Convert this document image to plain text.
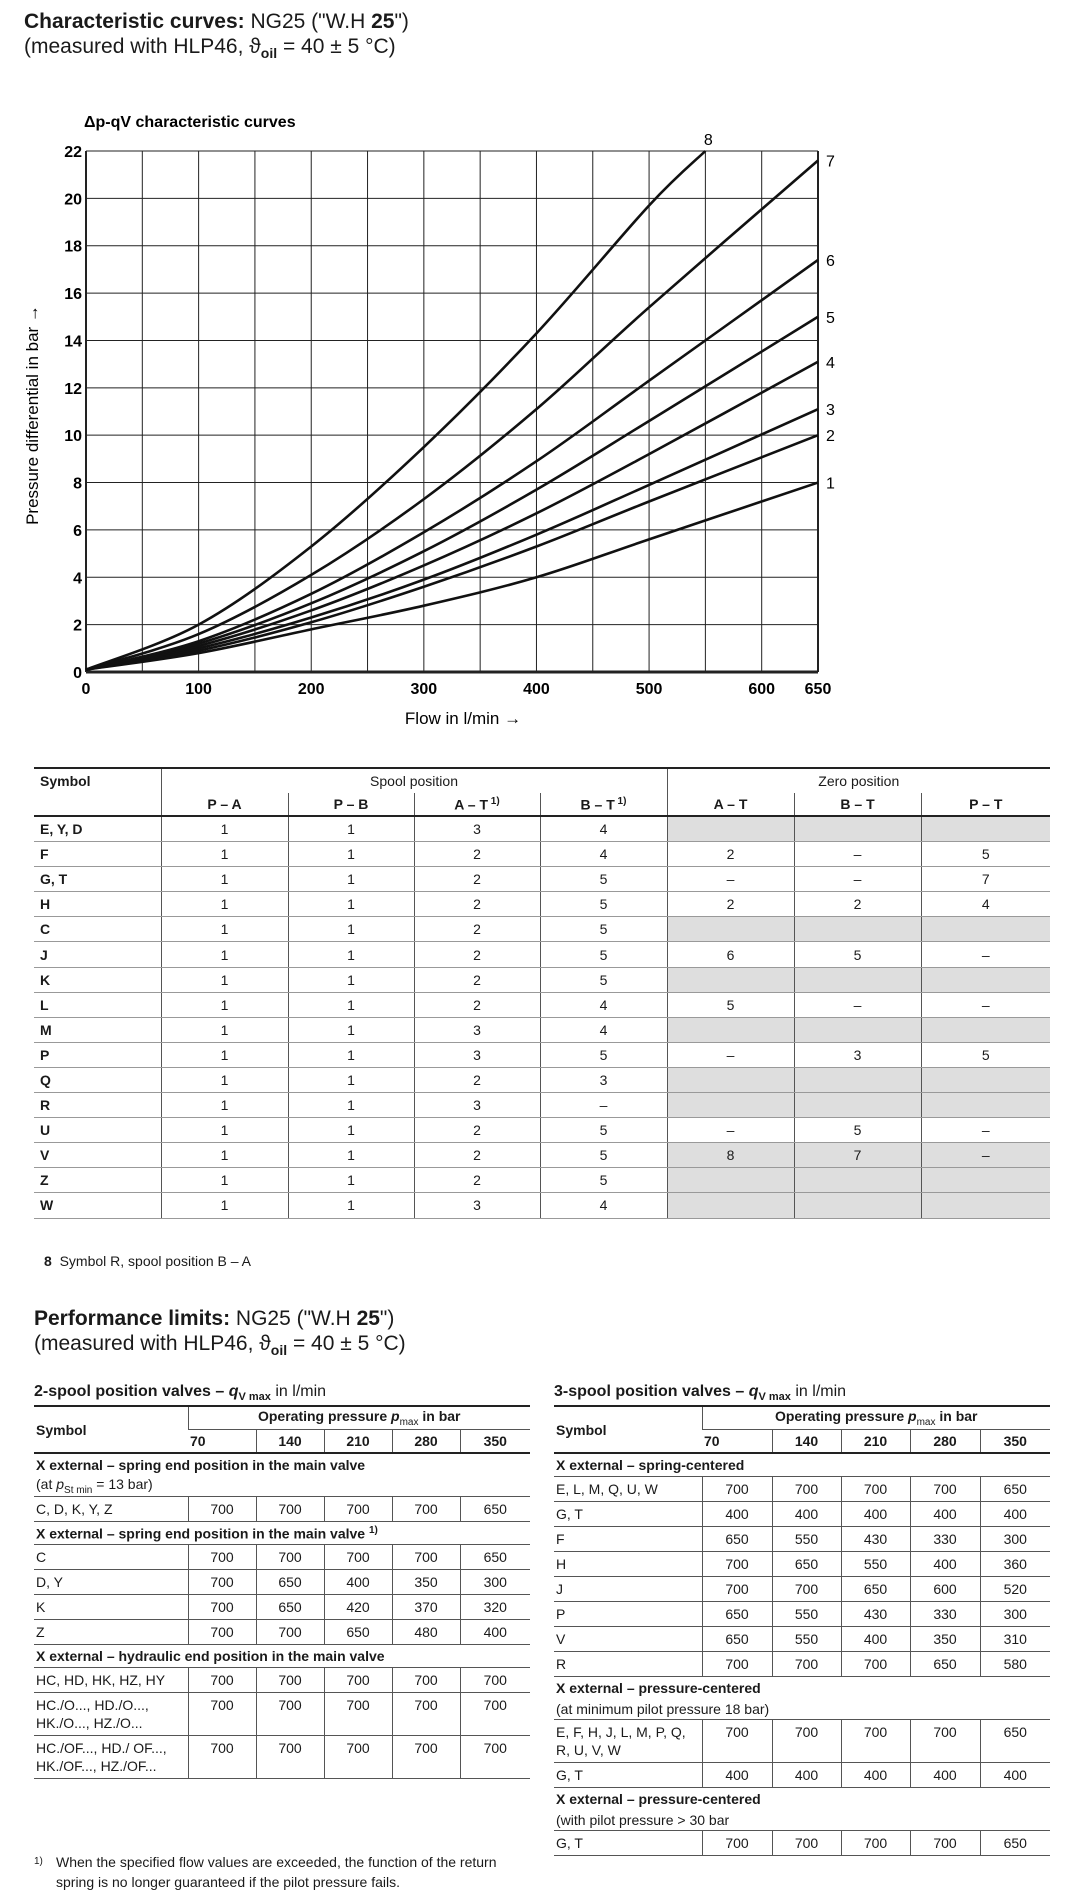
Characteristic curves: NG25 ("W.H 25")
(measured with HLP46, $ϑ_{oil} = 40 \pm 5$ °C)
Δp-qV characteristic curves
0	100	200	300	400	500	600 650
0
2
4
6
8
10
12
14
16
18
20
22
1
2
3
4
5
6
7
8
Flow in l/min →
Pressure differential in bar →
Symbol	Spool position				Zero position		
	P – A	P – B	A – T $^{1)}$	B – T $^{1)}$	A – T	B – T	P – T
E, Y, D	1	1	3	4			
F	1	1	2	4	2	–	5
G, T	1	1	2	5	–	–	7
H	1	1	2	5	2	2	4
C	1	1	2	5			
J	1	1	2	5	6	5	–
K	1	1	2	5			
L	1	1	2	4	5	–	–
M	1	1	3	4			
P	1	1	3	5	–	3	5
Q	1	1	2	3			
R	1	1	3	–			
U	1	1	2	5	–	5	–
V	1	1	2	5	8	7	–
Z	1	1	2	5			
W	1	1	3	4			
8 Symbol R, spool position B – A
Performance limits: NG25 ("W.H 25")
(measured with HLP46, $ϑ_{oil} = 40 \pm 5$ °C)
2-spool position valves – $q_{V max}$ in l/min
Symbol	Operating pressure $p_{max}$ in bar				
	70	140	210	280	350
X external – spring end position in the main valve					
(at $p_{St min} = 13$ bar)					
C, D, K, Y, Z	700	700	700	700	650
X external – spring end position in the main valve $^{1)}$
C	700	700	700	700	650
D, Y	700	650	400	350	300
K	700	650	420	370	320
Z	700	700	650	480	400
X external – hydraulic end position in the main valve					
HC, HD, HK, HZ, HY	700	700	700	700	700
HC./O..., HD./O..., HK./O..., HZ./O...	700	700	700	700	700
HC./OF..., HD./ OF..., HK./OF..., HZ./OF...	700	700	700	700	700
3-spool position valves – $q_{V max}$ in l/min
Symbol	Operating pressure $p_{max}$ in bar				
	70	140	210	280	350
X external – spring-centered					
E, L, M, Q, U, W	700	700	700	700	650
G, T	400	400	400	400	400
F	650	550	430	330	300
H	700	650	550	400	360
J	700	700	650	600	520
P	650	550	430	330	300
V	650	550	400	350	310
R	700	700	700	650	580
X external – pressure-centered					
(at minimum pilot pressure 18 bar)					
E, F, H, J, L, M, P, Q, R, U, V, W	700	700	700	700	650
G, T	400	400	400	400	400
X external – pressure-centered					
(with pilot pressure > 30 bar					
G, T	700	700	700	700	650
$^{1)}$ When the specified flow values are exceeded, the function of the return spring is no longer guaranteed if the pilot pressure fails.
